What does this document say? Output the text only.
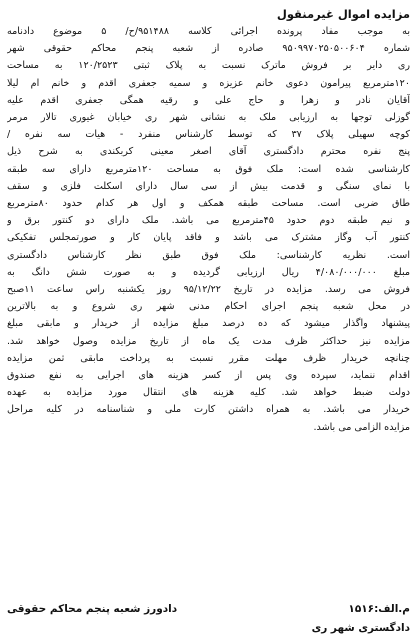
مزایده اموال غیرمنقول
به موجب مفاد پرونده اجرائی کلاسه ۹۵۱۴۸۸/ح/ ۵ موضوع دادنامه
شماره ۹۵۰۹۹۷۰۲۵۰۵۰۰۶۰۴ صادره از شعبه پنجم محاکم حقوقی شهر
ری دایر بر فروش ماترک نسبت به پلاک ثبتی ۱۲۰/۲۵۲۳ به مساحت
۱۲۰مترمربع پیرامون دعوی خانم عزیزه و سمیه جعفری اقدم و خانم ام لیلا
آقایان نادر و زهرا و حاج علی و رقیه همگی جعفری اقدم علیه
گوزلی توجها به ارزیابی ملک به نشانی شهر ری خیابان غیوری تالار مرمر
کوچه سهیلی پلاک ۳۷ که توسط کارشناس منفرد - هیات سه نفره /
پنج نفره محترم دادگستری آقای اصغر معینی کربکندی به شرح ذیل
کارشناسی شده است: ملک فوق به مساحت ۱۲۰مترمربع دارای سه طبقه
با نمای سنگی و قدمت بیش از سی سال دارای اسکلت فلزی و سقف
طاق ضربی است. مساحت طبقه همکف و اول هر کدام حدود ۸۰مترمربع
و نیم طبقه دوم حدود ۴۵مترمربع می باشد. ملک دارای دو کنتور برق و
کنتور آب وگاز مشترک می باشد و فاقد پایان کار و صورتمجلس تفکیکی
است. نظریه کارشناسی: ملک فوق طبق نظر کارشناس دادگستری
مبلغ ۴/۰۸۰/۰۰۰/۰۰۰ ریال ارزیابی گردیده و به صورت شش دانگ به
فروش می رسد. مزایده در تاریخ ۹۵/۱۲/۲۲ روز یکشنبه راس ساعت ۱۱صبح
در محل شعبه پنجم اجرای احکام مدنی شهر ری شروع و به بالاترین
پیشنهاد واگذار میشود که ده درصد مبلغ مزایده از خریدار و مابقی مبلغ
مزایده نیز حداکثر ظرف مدت یک ماه از تاریخ مزایده وصول خواهد شد.
چنانچه خریدار ظرف مهلت مقرر نسبت به پرداخت مابقی ثمن مزایده
اقدام ننماید، سپرده وی پس از کسر هزینه های اجرایی به نفع صندوق
دولت ضبط خواهد شد. کلیه هزینه های انتقال مورد مزایده به عهده
خریدار می باشد. به همراه داشتن کارت ملی و شناسنامه در کلیه مراحل
مزایده الزامی می باشد.
م.الف:۱۵۱۶
دادورز شعبه پنجم محاکم حقوقی
دادگستری شهر ری
